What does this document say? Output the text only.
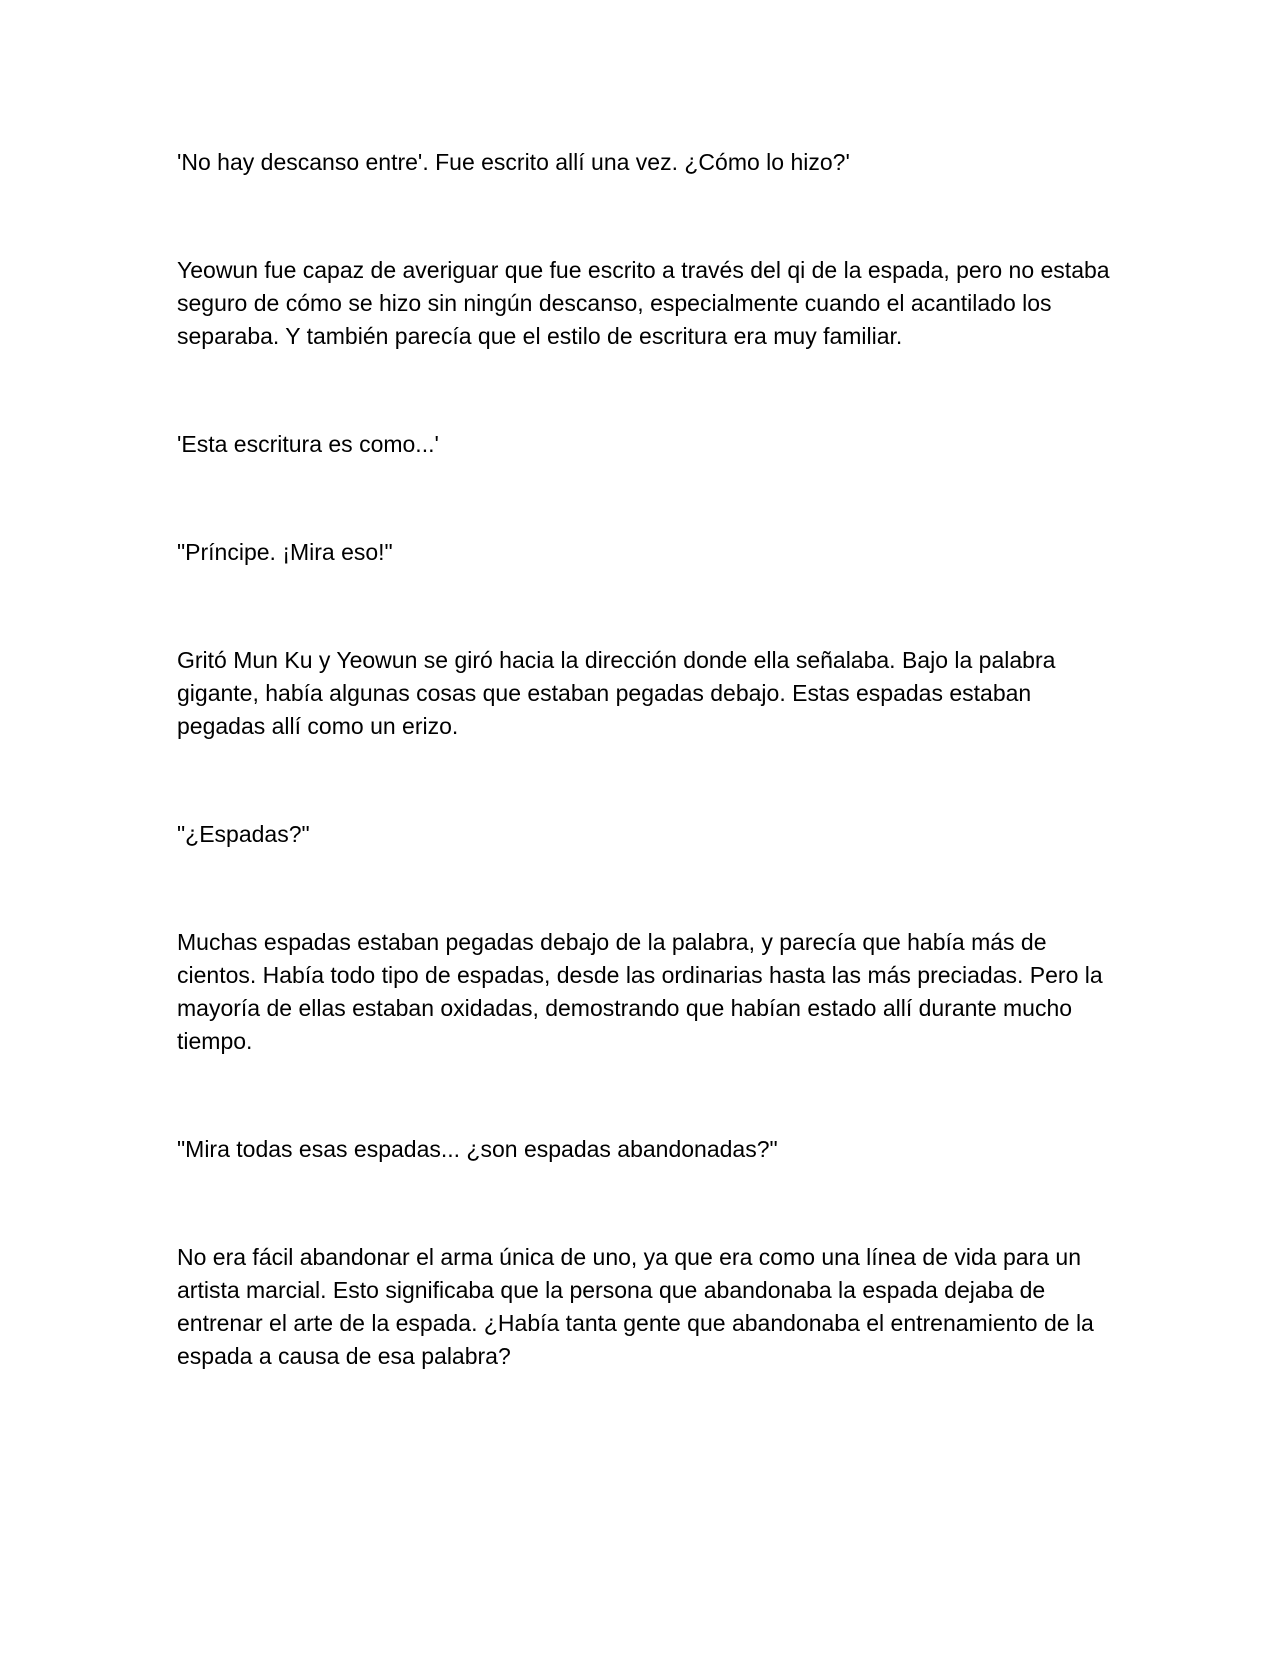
'No hay descanso entre'. Fue escrito allí una vez. ¿Cómo lo hizo?'

Yeowun fue capaz de averiguar que fue escrito a través del qi de la espada, pero no estaba seguro de cómo se hizo sin ningún descanso, especialmente cuando el acantilado los separaba. Y también parecía que el estilo de escritura era muy familiar.

'Esta escritura es como...'

"Príncipe. ¡Mira eso!"

Gritó Mun Ku y Yeowun se giró hacia la dirección donde ella señalaba. Bajo la palabra gigante, había algunas cosas que estaban pegadas debajo. Estas espadas estaban pegadas allí como un erizo.

"¿Espadas?"

Muchas espadas estaban pegadas debajo de la palabra, y parecía que había más de cientos. Había todo tipo de espadas, desde las ordinarias hasta las más preciadas. Pero la mayoría de ellas estaban oxidadas, demostrando que habían estado allí durante mucho tiempo.

"Mira todas esas espadas... ¿son espadas abandonadas?"

No era fácil abandonar el arma única de uno, ya que era como una línea de vida para un artista marcial. Esto significaba que la persona que abandonaba la espada dejaba de entrenar el arte de la espada. ¿Había tanta gente que abandonaba el entrenamiento de la espada a causa de esa palabra?
